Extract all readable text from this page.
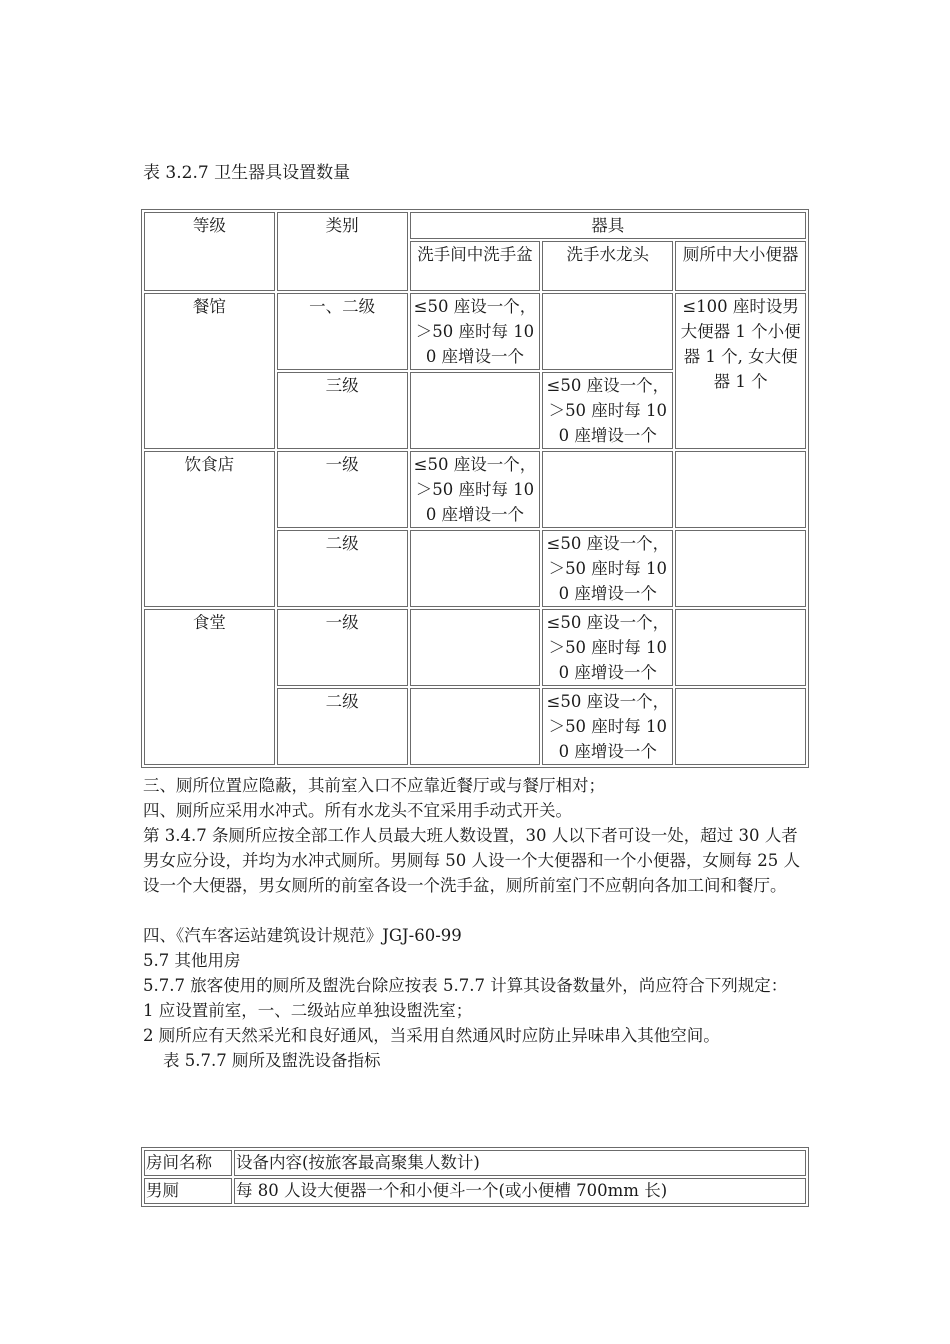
表 3.2.7 卫生器具设置数量
等级	类别	器具		
		洗手间中洗手盆	洗手水龙头	厕所中大小便器
餐馆	一、二级	≤50 座设一个，＞50 座时每 100 座增设一个		≤100 座时设男大便器 1 个小便器 1 个, 女大便器 1 个
	三级		≤50 座设一个，＞50 座时每 100 座增设一个	
饮食店	一级	≤50 座设一个，＞50 座时每 100 座增设一个		
	二级		≤50 座设一个，＞50 座时每 100 座增设一个	
食堂	一级		≤50 座设一个，＞50 座时每 100 座增设一个	
	二级		≤50 座设一个，＞50 座时每 100 座增设一个	

三、厕所位置应隐蔽，其前室入口不应靠近餐厅或与餐厅相对；

四、厕所应采用水冲式。所有水龙头不宜采用手动式开关。

第 3.4.7 条厕所应按全部工作人员最大班人数设置，30 人以下者可设一处，超过 30 人者男女应分设，并均为水冲式厕所。男厕每 50 人设一个大便器和一个小便器，女厕每 25 人设一个大便器，男女厕所的前室各设一个洗手盆，厕所前室门不应朝向各加工间和餐厅。

四、《汽车客运站建筑设计规范》JGJ-60-99

5.7 其他用房

5.7.7 旅客使用的厕所及盥洗台除应按表 5.7.7 计算其设备数量外，尚应符合下列规定：

1 应设置前室，一、二级站应单独设盥洗室；

2 厕所应有天然采光和良好通风，当采用自然通风时应防止异味串入其他空间。

表 5.7.7 厕所及盥洗设备指标

房间名称	设备内容(按旅客最高聚集人数计)
男厕	每 80 人设大便器一个和小便斗一个(或小便槽 700mm 长)
